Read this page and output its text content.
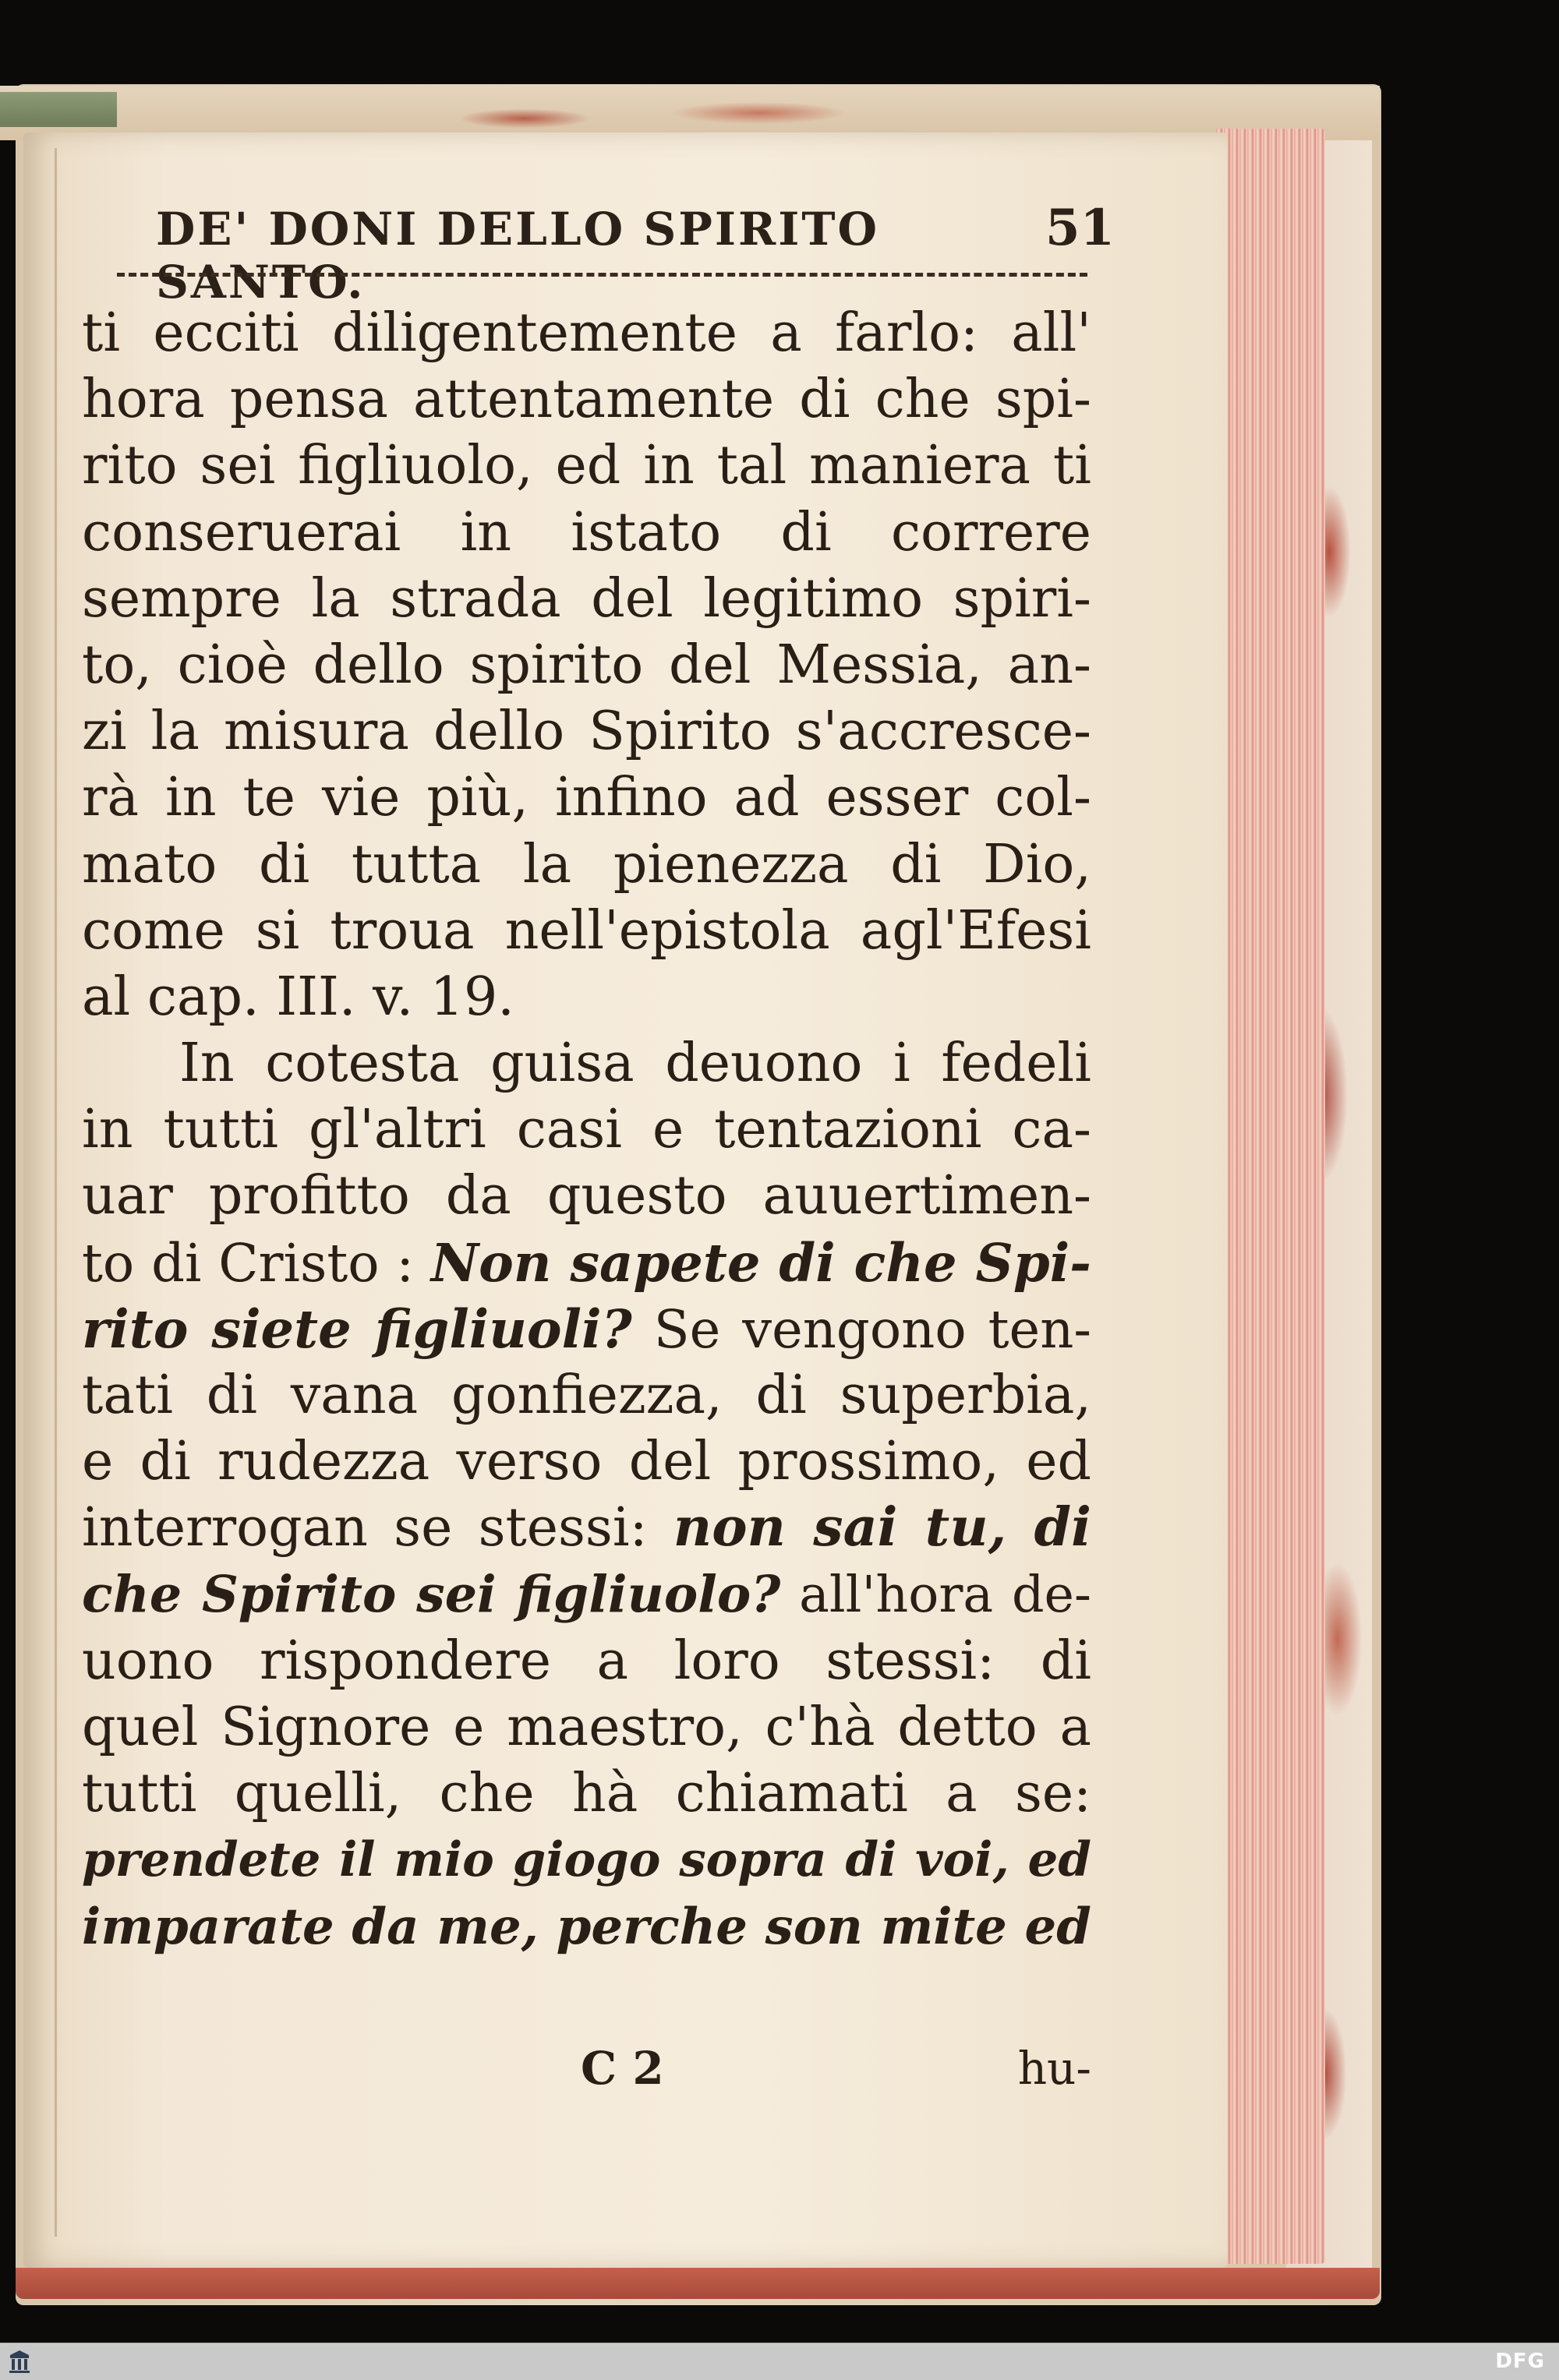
DE' DONI DELLO SPIRITO SANTO.
51
ti ecciti diligentemente a farlo: all'
hora pensa attentamente di che spi-
rito sei figliuolo, ed in tal maniera ti
conseruerai in istato di correre
sempre la strada del legitimo spiri-
to, cioè dello spirito del Messia, an-
zi la misura dello Spirito s'accresce-
rà in te vie più, infino ad esser col-
mato di tutta la pienezza di Dio,
come si troua nell'epistola agl'Efesi
al cap. III. v. 19.
In cotesta guisa deuono i fedeli
in tutti gl'altri casi e tentazioni ca-
uar profitto da questo auuertimen-
to di Cristo : Non sapete di che Spi-
rito siete figliuoli? Se vengono ten-
tati di vana gonfiezza, di superbia,
e di rudezza verso del prossimo, ed
interrogan se stessi: non sai tu, di
che Spirito sei figliuolo? all'hora de-
uono rispondere a loro stessi: di
quel Signore e maestro, c'hà detto a
tutti quelli, che hà chiamati a se:
prendete il mio giogo sopra di voi, ed
imparate da me, perche son mite ed
C 2	hu-
DFG
